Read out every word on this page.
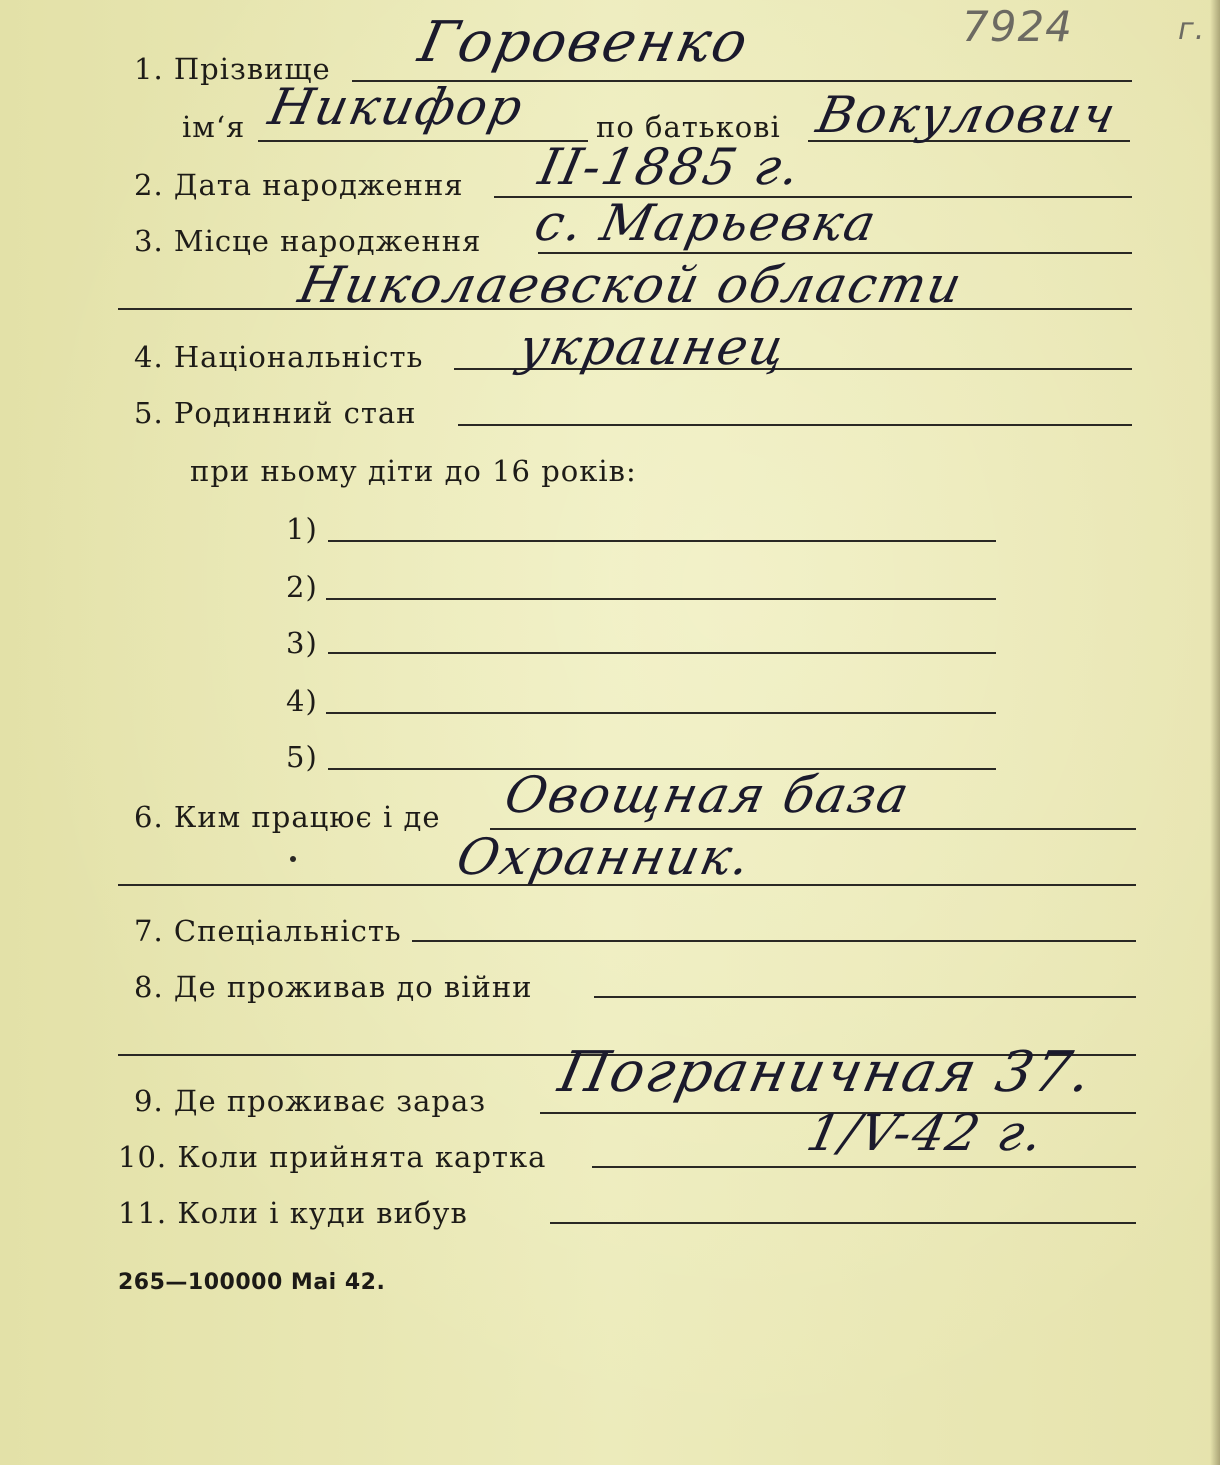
7924	г.
1. Прізвище Горовенко
ім‘я Никифор по батькові Вокулович
2. Дата народження II-1885 г.
3. Місце народження с. Марьевка
Николаевской области
4. Національність украинец
5. Родинний стан
при ньому діти до 16 років:
1)
2)
3)
4)
5)
6. Ким працює і де Овощная база
Охранник.
7. Спеціальність
8. Де проживав до війни
9. Де проживає зараз Пограничная 37.
10. Коли прийнята картка	1/V-42 г.
11. Коли і куди вибув
265—100000 Mai 42.
